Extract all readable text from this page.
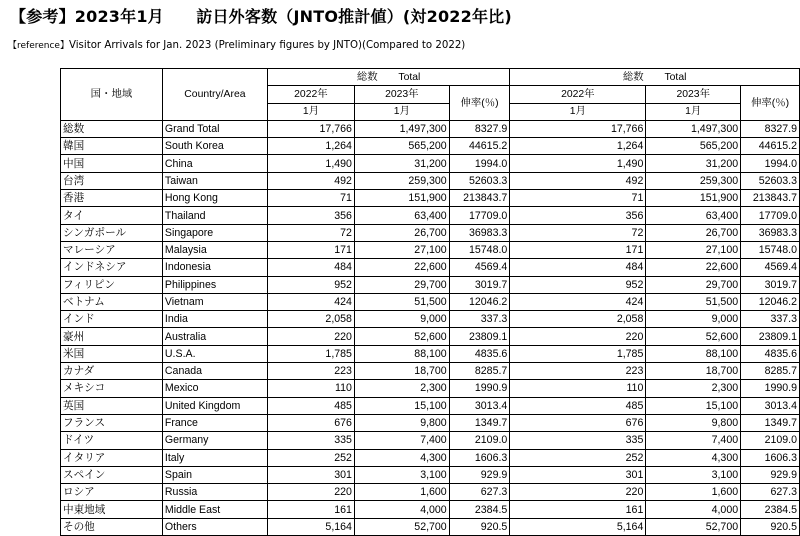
【参考】2023年1月　　訪日外客数（JNTO推計値）(対2022年比)
【reference】Visitor Arrivals for Jan. 2023 (Preliminary figures by JNTO)(Compared to 2022)
国・地域	Country/Area	総数　　Total			総数　　Total		
		2022年	2023年	伸率(％)	2022年	2023年	伸率(％)
		1月	1月		1月	1月	
総数	Grand Total	17,766	1,497,300	8327.9	17,766	1,497,300	8327.9
韓国	South Korea	1,264	565,200	44615.2	1,264	565,200	44615.2
中国	China	1,490	31,200	1994.0	1,490	31,200	1994.0
台湾	Taiwan	492	259,300	52603.3	492	259,300	52603.3
香港	Hong Kong	71	151,900	213843.7	71	151,900	213843.7
タイ	Thailand	356	63,400	17709.0	356	63,400	17709.0
シンガポール	Singapore	72	26,700	36983.3	72	26,700	36983.3
マレーシア	Malaysia	171	27,100	15748.0	171	27,100	15748.0
インドネシア	Indonesia	484	22,600	4569.4	484	22,600	4569.4
フィリピン	Philippines	952	29,700	3019.7	952	29,700	3019.7
ベトナム	Vietnam	424	51,500	12046.2	424	51,500	12046.2
インド	India	2,058	9,000	337.3	2,058	9,000	337.3
豪州	Australia	220	52,600	23809.1	220	52,600	23809.1
米国	U.S.A.	1,785	88,100	4835.6	1,785	88,100	4835.6
カナダ	Canada	223	18,700	8285.7	223	18,700	8285.7
メキシコ	Mexico	110	2,300	1990.9	110	2,300	1990.9
英国	United Kingdom	485	15,100	3013.4	485	15,100	3013.4
フランス	France	676	9,800	1349.7	676	9,800	1349.7
ドイツ	Germany	335	7,400	2109.0	335	7,400	2109.0
イタリア	Italy	252	4,300	1606.3	252	4,300	1606.3
スペイン	Spain	301	3,100	929.9	301	3,100	929.9
ロシア	Russia	220	1,600	627.3	220	1,600	627.3
中東地域	Middle East	161	4,000	2384.5	161	4,000	2384.5
その他	Others	5,164	52,700	920.5	5,164	52,700	920.5
